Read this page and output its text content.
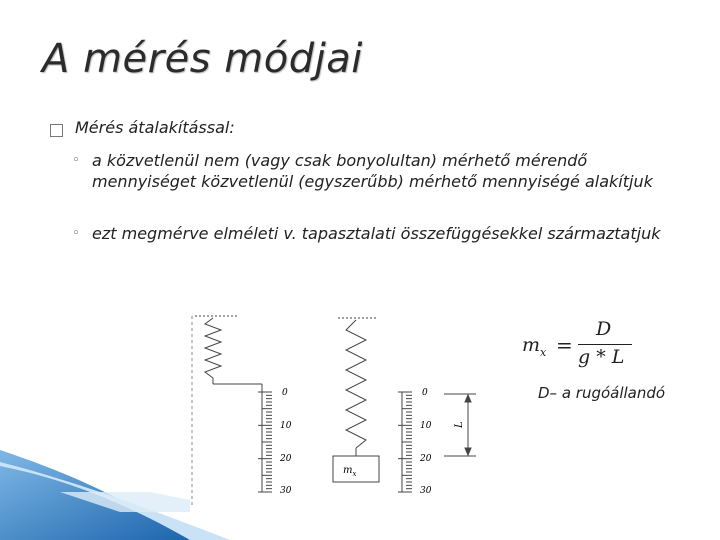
0
10
20
30
0
10
20
30
$m_x$
L
A mérés módjai
Mérés átalakítással:
◦ a közvetlenül nem (vagy csak bonyolultan) mérhető mérendő mennyiséget közvetlenül (egyszerűbb) mérhető mennyiségé alakítjuk
◦ ezt megmérve elméleti v. tapasztalati összefüggésekkel származtatjuk
$m_x$ =
D
g * L
D– a rugóállandó
